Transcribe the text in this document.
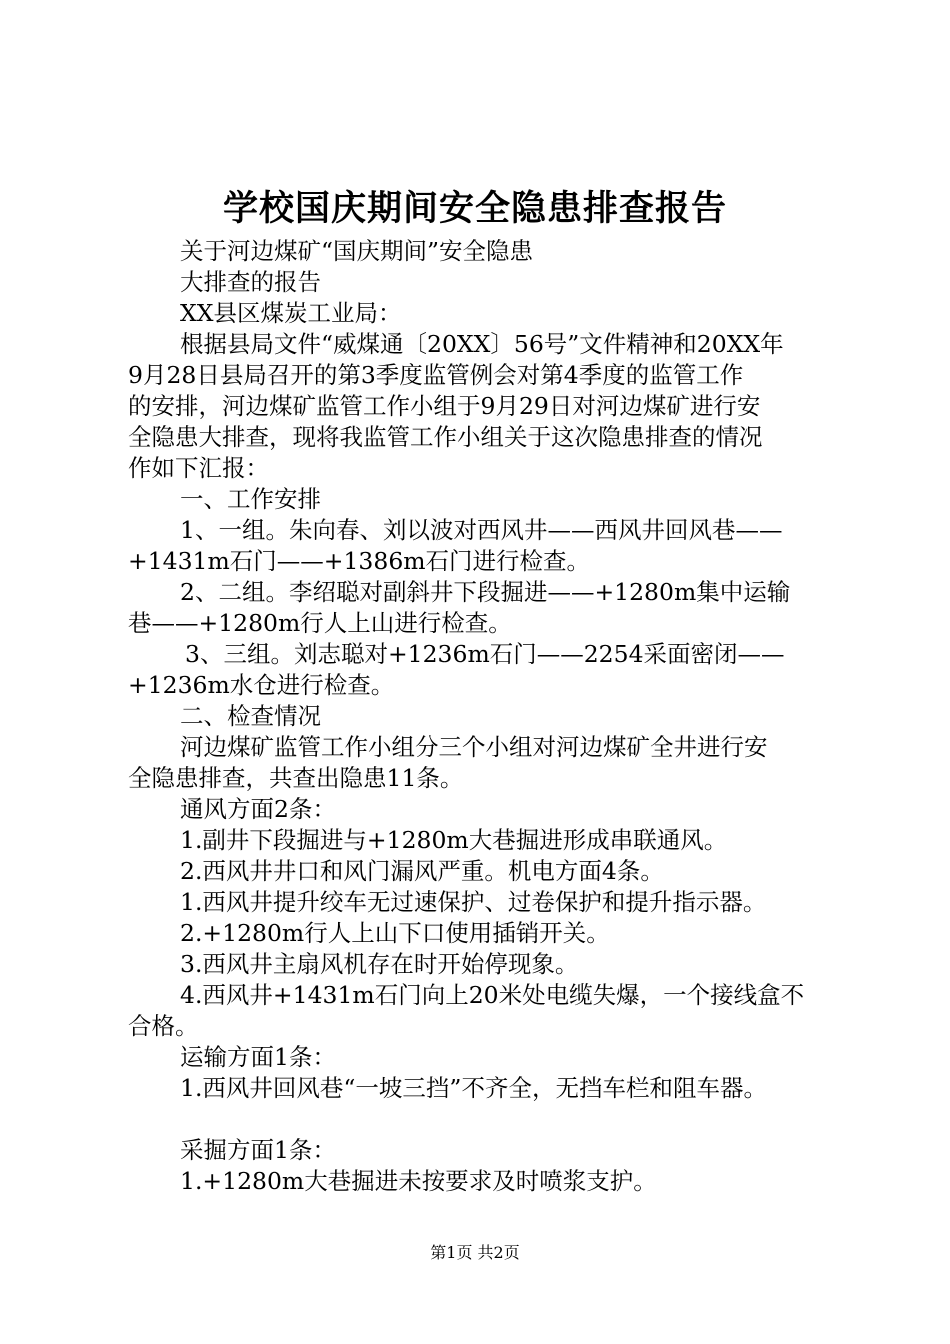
学校国庆期间安全隐患排查报告
关于河边煤矿“国庆期间”安全隐患
大排查的报告
XX县区煤炭工业局：
根据县局文件“威煤通〔20XX〕56号”文件精神和20XX年
9月28日县局召开的第3季度监管例会对第4季度的监管工作
的安排，河边煤矿监管工作小组于9月29日对河边煤矿进行安
全隐患大排查，现将我监管工作小组关于这次隐患排查的情况
作如下汇报：
一、工作安排
1、一组。朱向春、刘以波对西风井——西风井回风巷——
+1431m石门——+1386m石门进行检查。
2、二组。李绍聪对副斜井下段掘进——+1280m集中运输
巷——+1280m行人上山进行检查。
3、三组。刘志聪对+1236m石门——2254采面密闭——
+1236m水仓进行检查。
二、检查情况
河边煤矿监管工作小组分三个小组对河边煤矿全井进行安
全隐患排查，共查出隐患11条。
通风方面2条：
1.副井下段掘进与+1280m大巷掘进形成串联通风。
2.西风井井口和风门漏风严重。机电方面4条。
1.西风井提升绞车无过速保护、过卷保护和提升指示器。
2.+1280m行人上山下口使用插销开关。
3.西风井主扇风机存在时开始停现象。
4.西风井+1431m石门向上20米处电缆失爆，一个接线盒不
合格。
运输方面1条：
1.西风井回风巷“一坡三挡”不齐全，无挡车栏和阻车器。
采掘方面1条：
1.+1280m大巷掘进未按要求及时喷浆支护。
第1页 共2页
